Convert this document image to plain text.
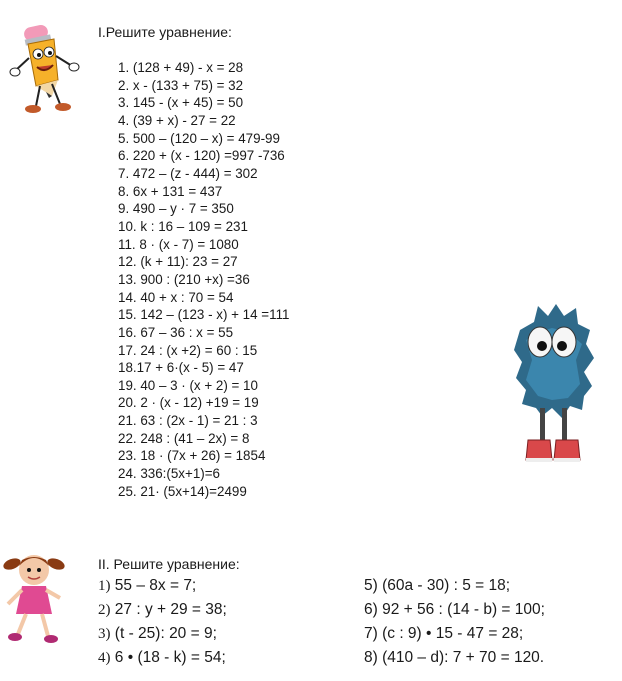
I.Решите уравнение:
1. (128 + 49) - x = 28
2. x - (133 + 75) = 32
3. 145 - (x + 45) = 50
4. (39 + x) - 27 = 22
5. 500 – (120 – x) = 479-99
6. 220 + (x - 120) =997 -736
7. 472 – (z - 444) = 302
8. 6x + 131 = 437
9. 490 – y · 7 = 350
10. k : 16 – 109 = 231
11. 8 · (x - 7) = 1080
12. (k + 11): 23 = 27
13. 900 : (210 +x) =36
14. 40 + x : 70 = 54
15. 142 – (123 - x) + 14 =111
16. 67 – 36 : x = 55
17. 24 : (x +2) = 60 : 15
18.17 + 6·(x - 5) = 47
19. 40 – 3 · (x + 2) = 10
20. 2 · (x - 12) +19 = 19
21. 63 : (2x - 1) = 21 : 3
22. 248 : (41 – 2x) = 8
23. 18 · (7x + 26) = 1854
24. 336:(5x+1)=6
25. 21· (5x+14)=2499
II. Решите уравнение:
1) 55 – 8x = 7;
2) 27 : y + 29 = 38;
3) (t - 25): 20 = 9;
4) 6 • (18 - k) = 54;
5) (60a - 30) : 5 = 18;
6) 92 + 56 : (14 - b) = 100;
7) (c : 9) • 15 - 47 = 28;
8) (410 – d): 7 + 70 = 120.
